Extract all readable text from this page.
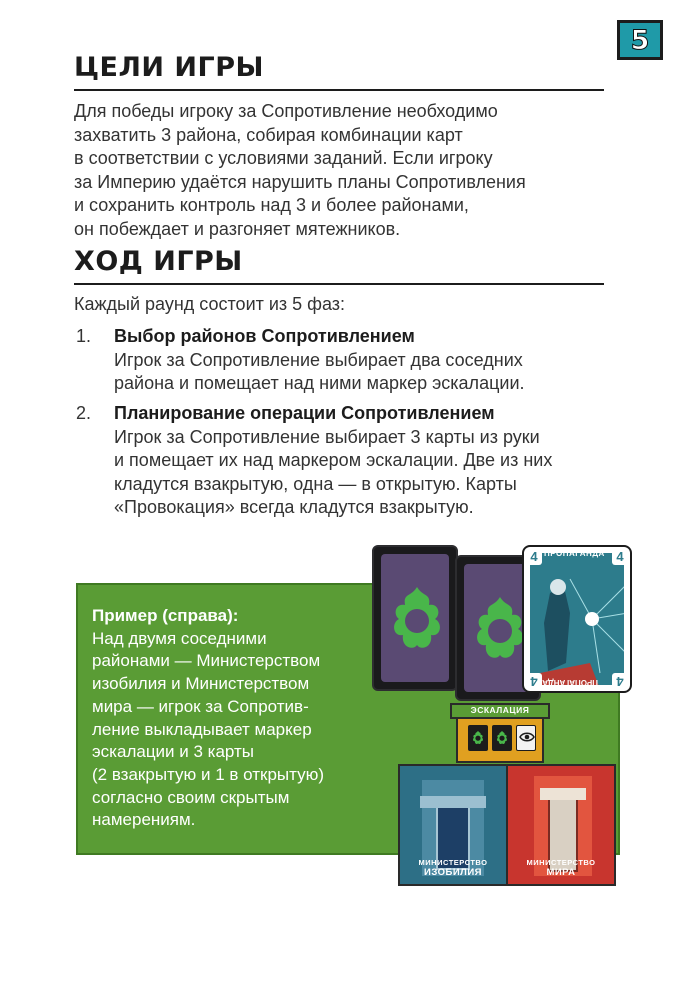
5
ЦЕЛИ ИГРЫ
Для победы игроку за Сопротивление необходимо
захватить 3 района, собирая комбинации карт
в соответствии с условиями заданий. Если игроку
за Империю удаётся нарушить планы Сопротивления
и сохранить контроль над 3 и более районами,
он побеждает и разгоняет мятежников.
ХОД ИГРЫ
Каждый раунд состоит из 5 фаз:
1. Выбор районов Сопротивлением
Игрок за Сопротивление выбирает два соседних
района и помещает над ними маркер эскалации.
2. Планирование операции Сопротивлением
Игрок за Сопротивление выбирает 3 карты из руки
и помещает их над маркером эскалации. Две из них
кладутся взакрытую, одна — в открытую. Карты
«Провокация» всегда кладутся взакрытую.
Пример (справа):
Над двумя соседними
районами — Министерством
изобилия и Министерством
мира — игрок за Сопротив-
ление выкладывает маркер
эскалации и 3 карты
(2 взакрытую и 1 в открытую)
согласно своим скрытым
намерениям.
4	4
4	4
ПРОПАГАНДА
ПРОПАГАНДА
ЭСКАЛАЦИЯ
МИНИСТЕРСТВО
ИЗОБИЛИЯ
МИНИСТЕРСТВО
МИРА
